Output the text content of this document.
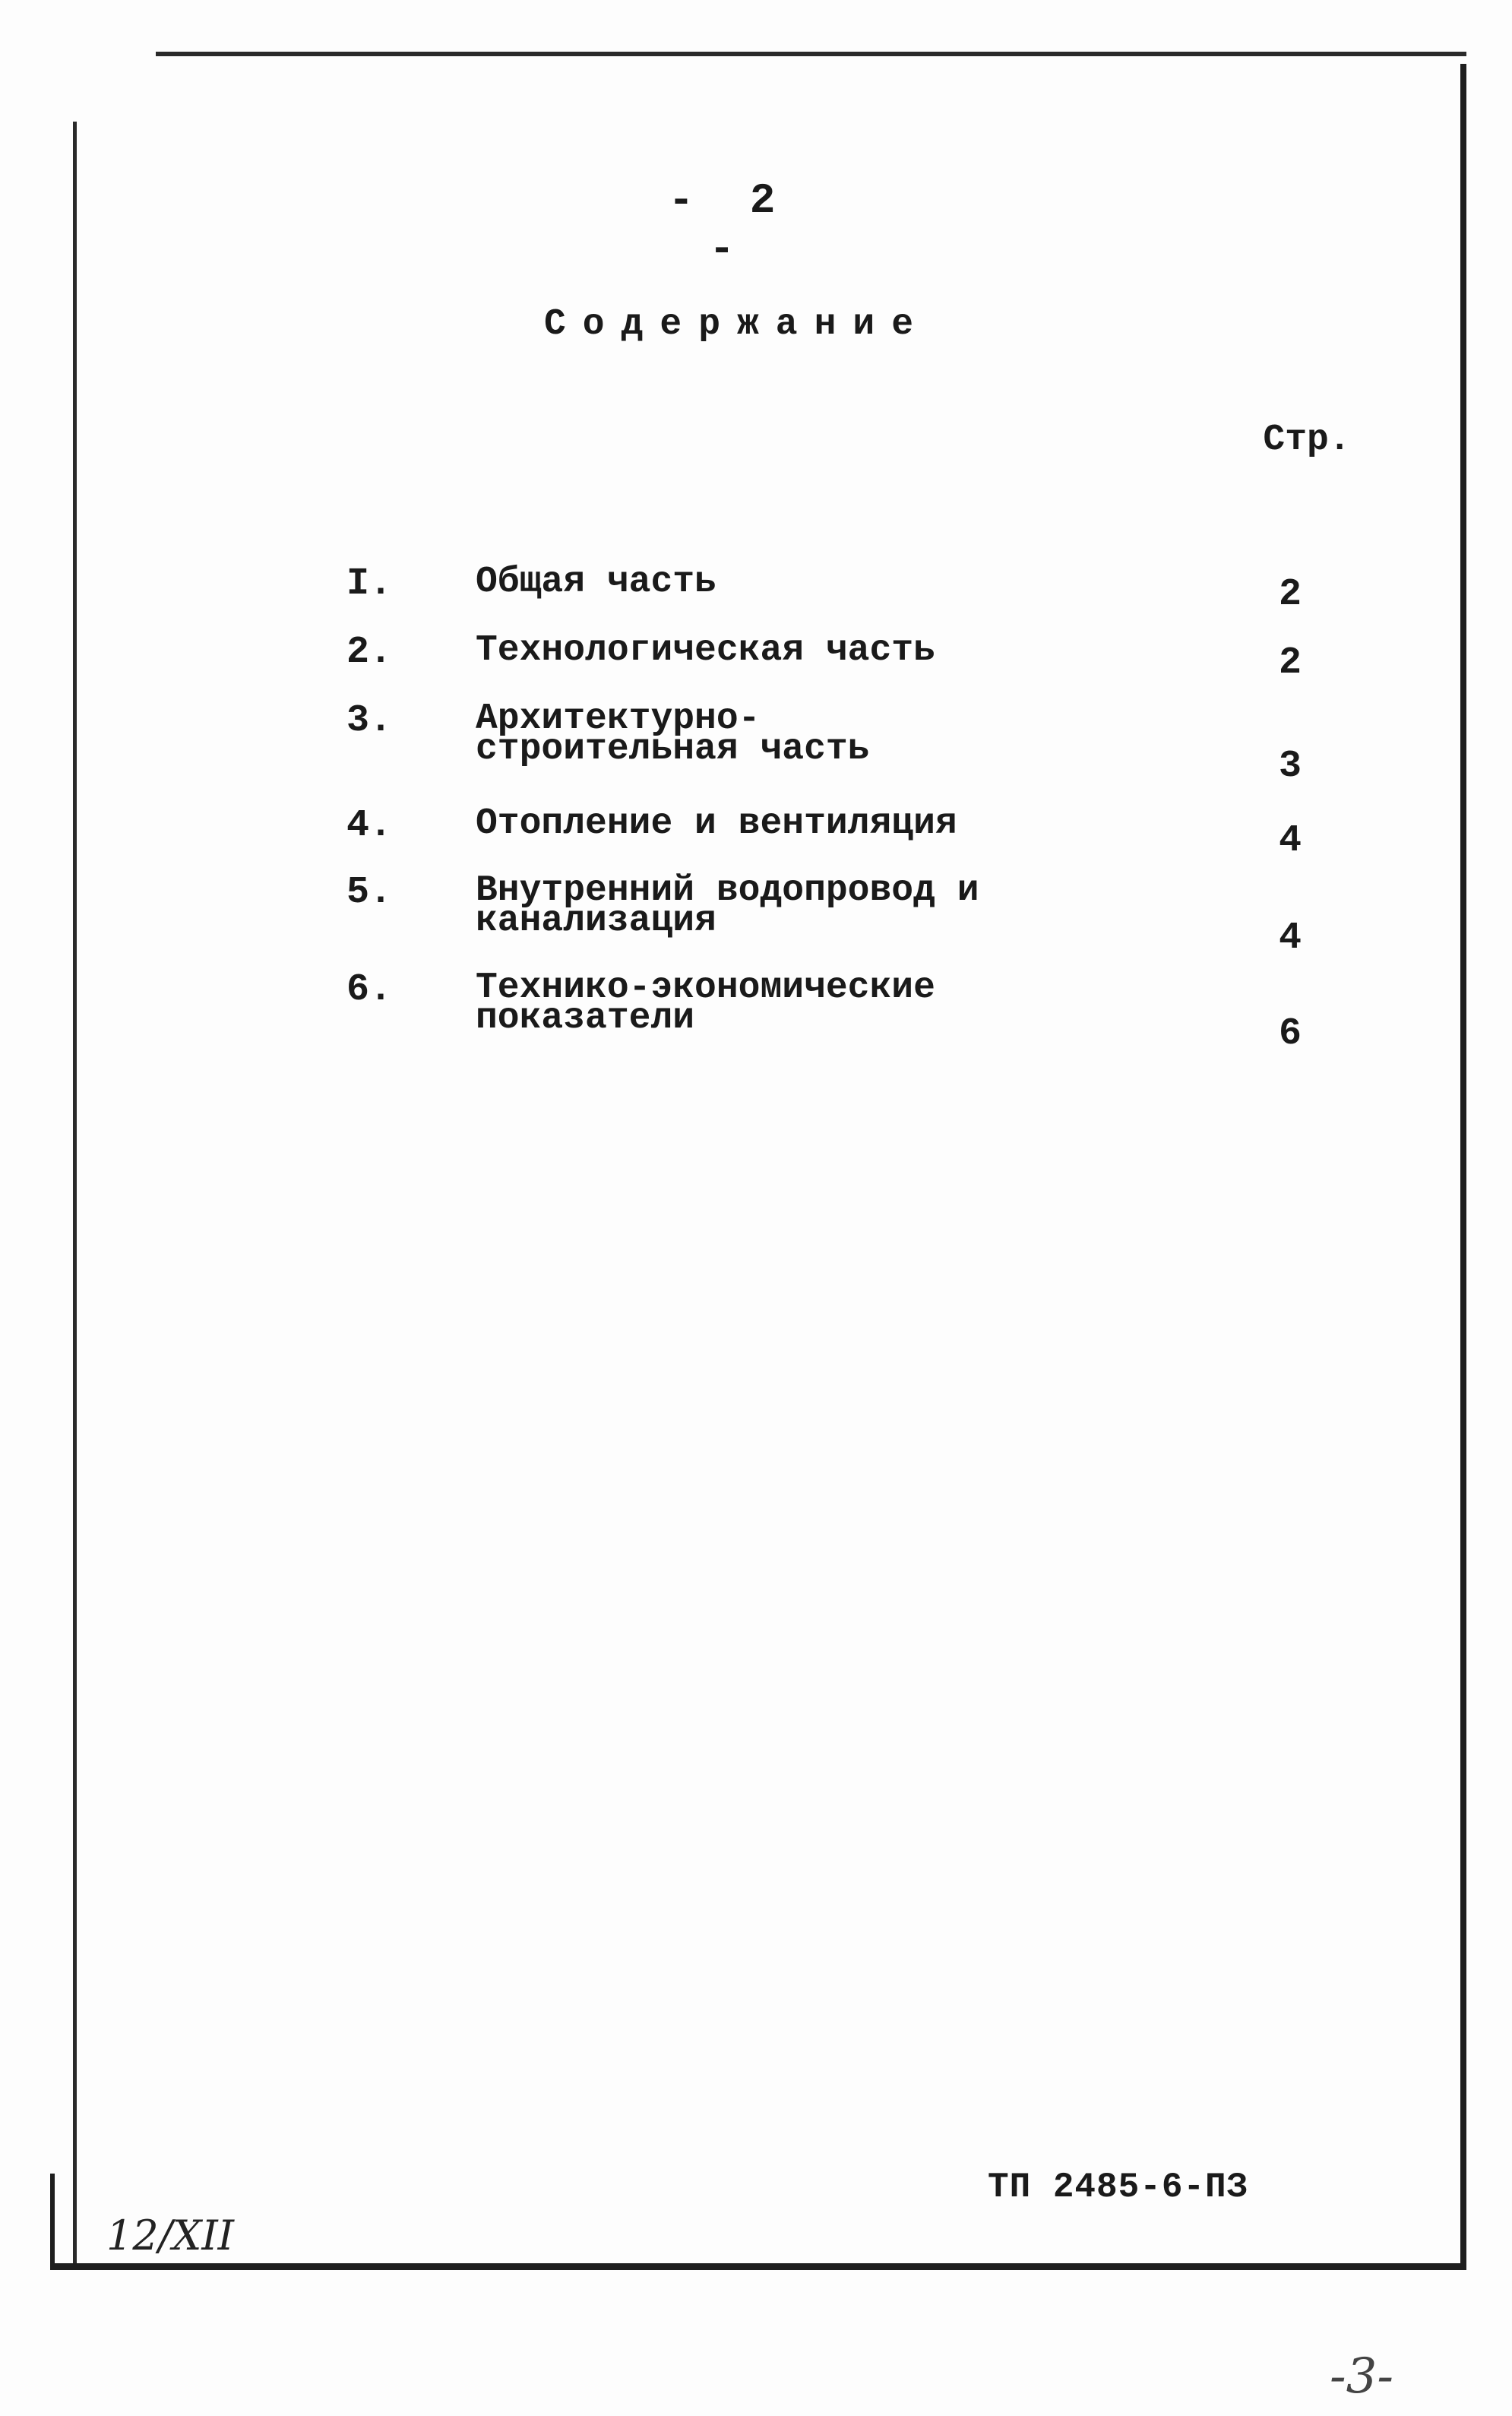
- 2 -
Содержание
Стр.
I.	Общая часть	2
2.	Технологическая часть	2
3.	Архитектурно-строительная часть	3
4.	Отопление и вентиляция	4
5.	Внутренний водопровод и канализация	4
6.	Технико-экономические показатели	6
ТП 2485-6-ПЗ
12/XII
-3-
